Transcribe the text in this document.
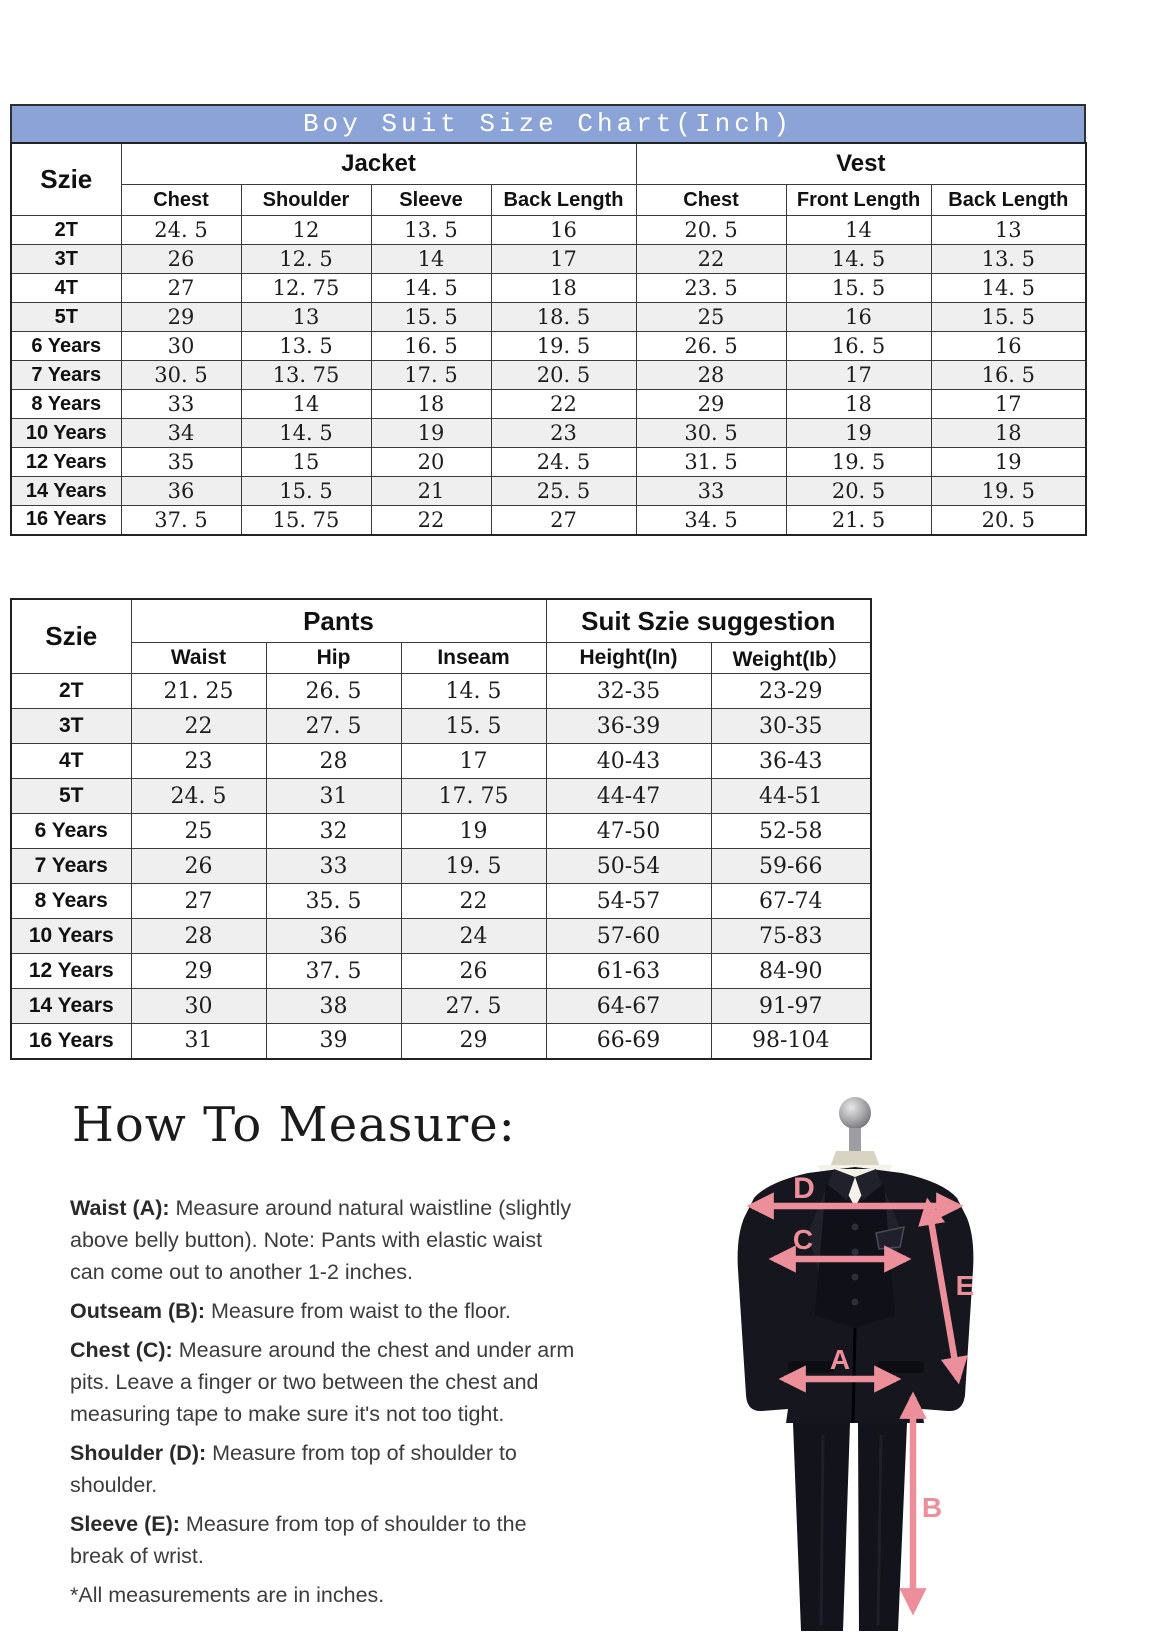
Boy Suit Size Chart(Inch)
Szie	Jacket				Vest		
	Chest	Shoulder	Sleeve	Back Length	Chest	Front Length	Back Length
2T	24. 5	12	13. 5	16	20. 5	14	13
3T	26	12. 5	14	17	22	14. 5	13. 5
4T	27	12. 75	14. 5	18	23. 5	15. 5	14. 5
5T	29	13	15. 5	18. 5	25	16	15. 5
6 Years	30	13. 5	16. 5	19. 5	26. 5	16. 5	16
7 Years	30. 5	13. 75	17. 5	20. 5	28	17	16. 5
8 Years	33	14	18	22	29	18	17
10 Years	34	14. 5	19	23	30. 5	19	18
12 Years	35	15	20	24. 5	31. 5	19. 5	19
14 Years	36	15. 5	21	25. 5	33	20. 5	19. 5
16 Years	37. 5	15. 75	22	27	34. 5	21. 5	20. 5
Szie	Pants			Suit Szie suggestion	
	Waist	Hip	Inseam	Height(In)	Weight(Ib）
2T	21. 25	26. 5	14. 5	32-35	23-29
3T	22	27. 5	15. 5	36-39	30-35
4T	23	28	17	40-43	36-43
5T	24. 5	31	17. 75	44-47	44-51
6 Years	25	32	19	47-50	52-58
7 Years	26	33	19. 5	50-54	59-66
8 Years	27	35. 5	22	54-57	67-74
10 Years	28	36	24	57-60	75-83
12 Years	29	37. 5	26	61-63	84-90
14 Years	30	38	27. 5	64-67	91-97
16 Years	31	39	29	66-69	98-104
How To Measure:

Waist (A): Measure around natural waistline (slightly above belly button). Note: Pants with elastic waist can come out to another 1-2 inches.

Outseam (B): Measure from waist to the floor.

Chest (C): Measure around the chest and under arm pits. Leave a finger or two between the chest and measuring tape to make sure it's not too tight.

Shoulder (D): Measure from top of shoulder to shoulder.

Sleeve (E): Measure from top of shoulder to the break of wrist.

*All measurements are in inches.

D
C
E
A
B
